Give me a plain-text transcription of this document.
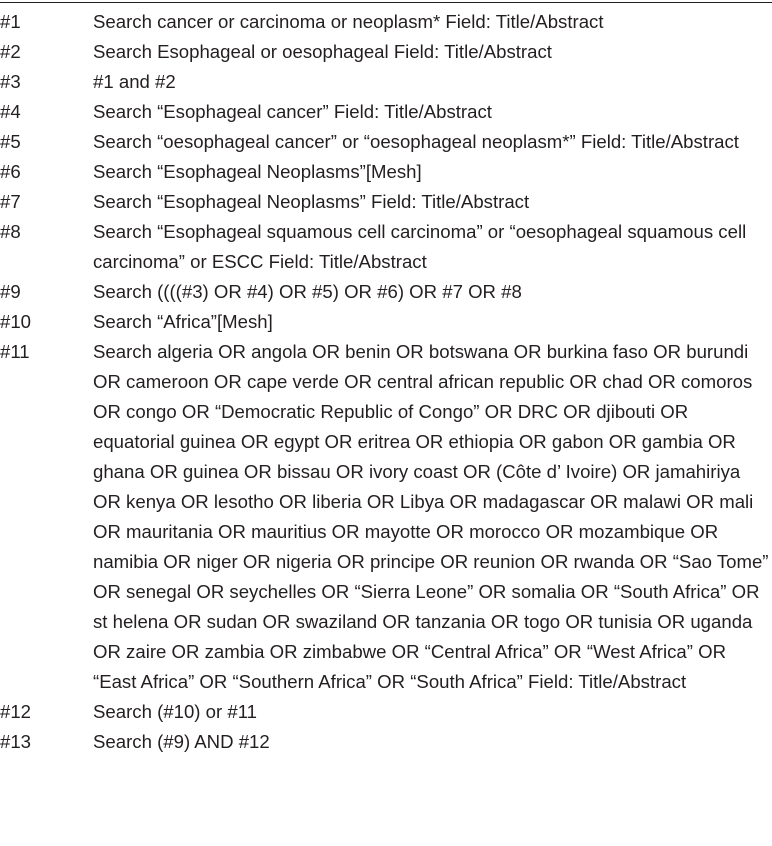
#1	Search cancer or carcinoma or neoplasm* Field: Title/Abstract
#2	Search Esophageal or oesophageal Field: Title/Abstract
#3	#1 and #2
#4	Search “Esophageal cancer” Field: Title/Abstract
#5	Search “oesophageal cancer” or “oesophageal neoplasm*” Field: Title/Abstract
#6	Search “Esophageal Neoplasms”[Mesh]
#7	Search “Esophageal Neoplasms” Field: Title/Abstract
#8	Search “Esophageal squamous cell carcinoma” or “oesophageal squamous cell carcinoma” or ESCC Field: Title/Abstract
#9	Search ((((#3) OR #4) OR #5) OR #6) OR #7 OR #8
#10	Search “Africa”[Mesh]
#11	Search algeria OR angola OR benin OR botswana OR burkina faso OR burundi OR cameroon OR cape verde OR central african republic OR chad OR comoros OR congo OR “Democratic Republic of Congo” OR DRC OR djibouti OR equatorial guinea OR egypt OR eritrea OR ethiopia OR gabon OR gambia OR ghana OR guinea OR bissau OR ivory coast OR (Côte d’ Ivoire) OR jamahiriya OR kenya OR lesotho OR liberia OR Libya OR madagascar OR malawi OR mali OR mauritania OR mauritius OR mayotte OR morocco OR mozambique OR namibia OR niger OR nigeria OR principe OR reunion OR rwanda OR “Sao Tome” OR senegal OR seychelles OR “Sierra Leone” OR somalia OR “South Africa” OR st helena OR sudan OR swaziland OR tanzania OR togo OR tunisia OR uganda OR zaire OR zambia OR zimbabwe OR “Central Africa” OR “West Africa” OR “East Africa” OR “Southern Africa” OR “South Africa” Field: Title/Abstract
#12	Search (#10) or #11
#13	Search (#9) AND #12
